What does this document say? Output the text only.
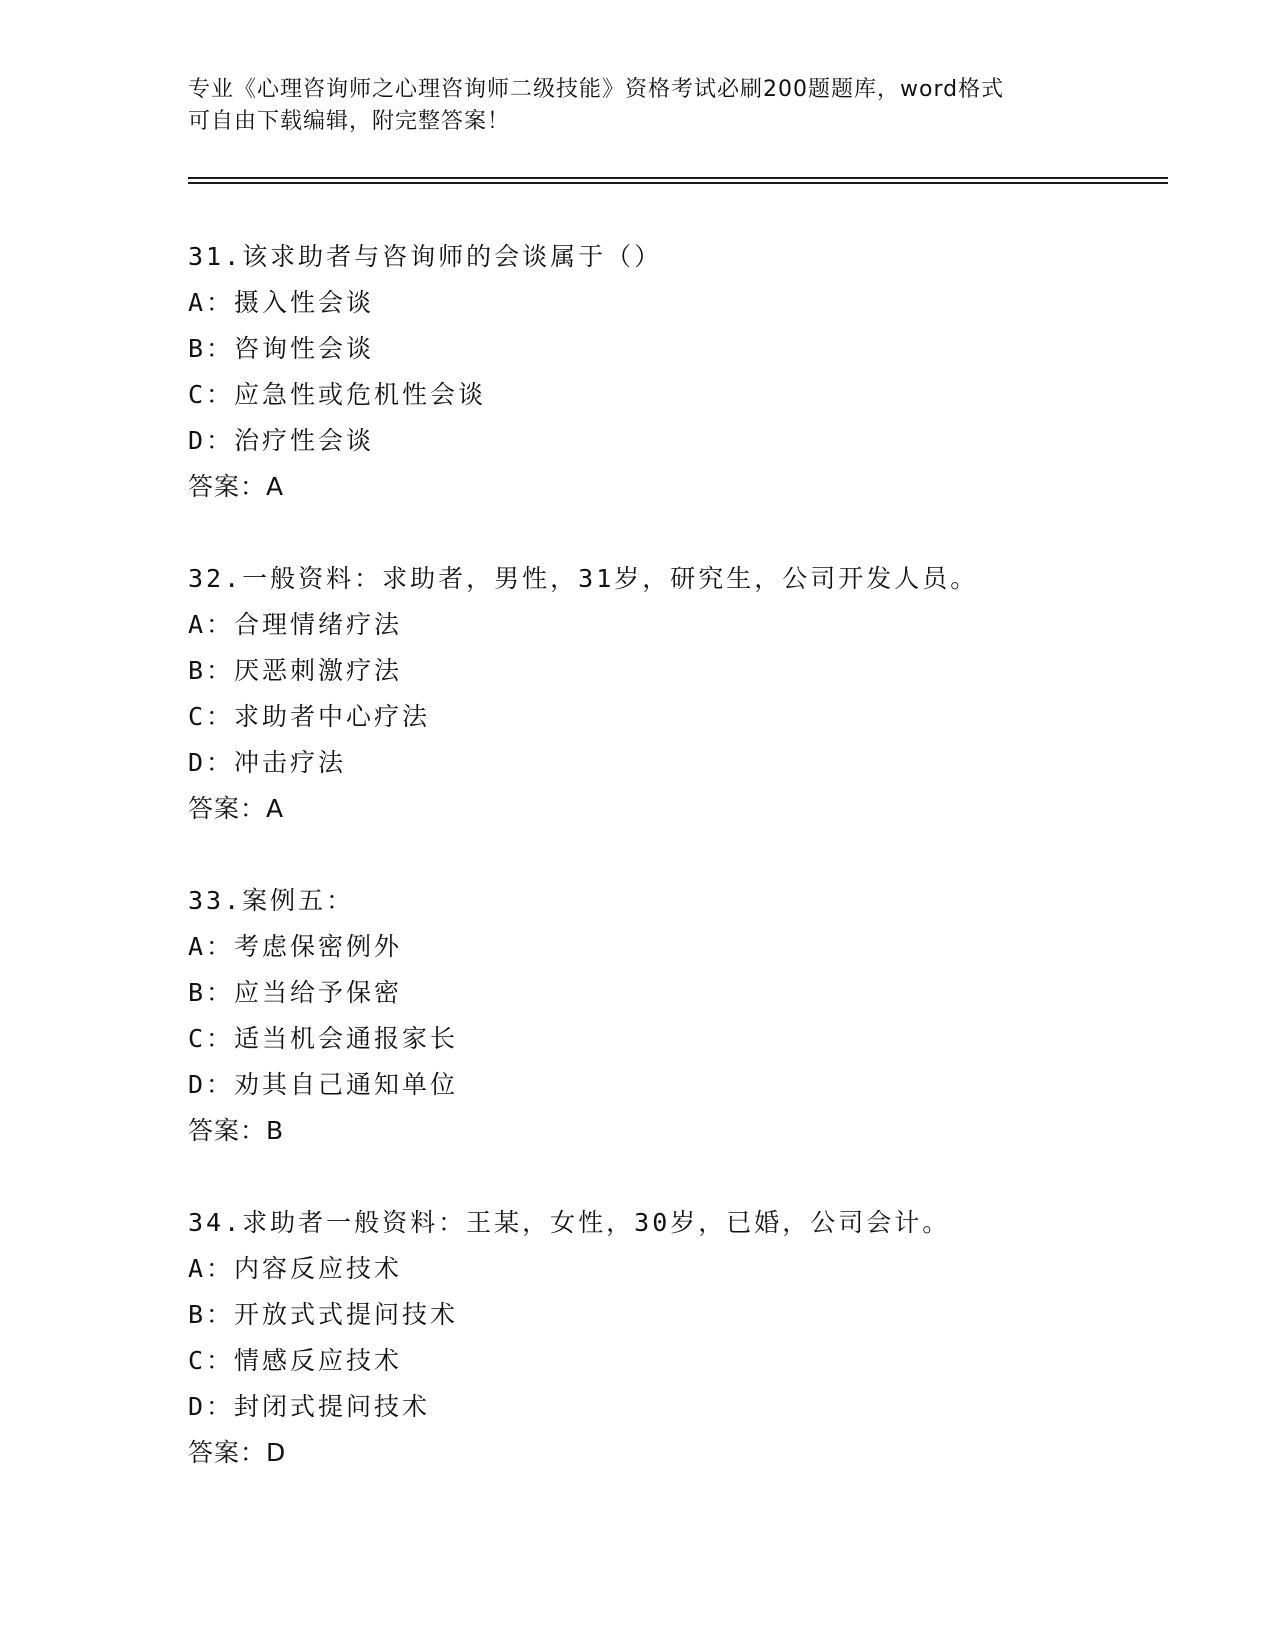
专业《心理咨询师之心理咨询师二级技能》资格考试必刷200题题库，word格式
可自由下载编辑，附完整答案！
31.该求助者与咨询师的会谈属于（）
A：摄入性会谈
B：咨询性会谈
C：应急性或危机性会谈
D：治疗性会谈
答案：A
32.一般资料：求助者，男性，31岁，研究生，公司开发人员。
A：合理情绪疗法
B：厌恶刺激疗法
C：求助者中心疗法
D：冲击疗法
答案：A
33.案例五：
A：考虑保密例外
B：应当给予保密
C：适当机会通报家长
D：劝其自己通知单位
答案：B
34.求助者一般资料：王某，女性，30岁，已婚，公司会计。
A：内容反应技术
B：开放式式提问技术
C：情感反应技术
D：封闭式提问技术
答案：D
